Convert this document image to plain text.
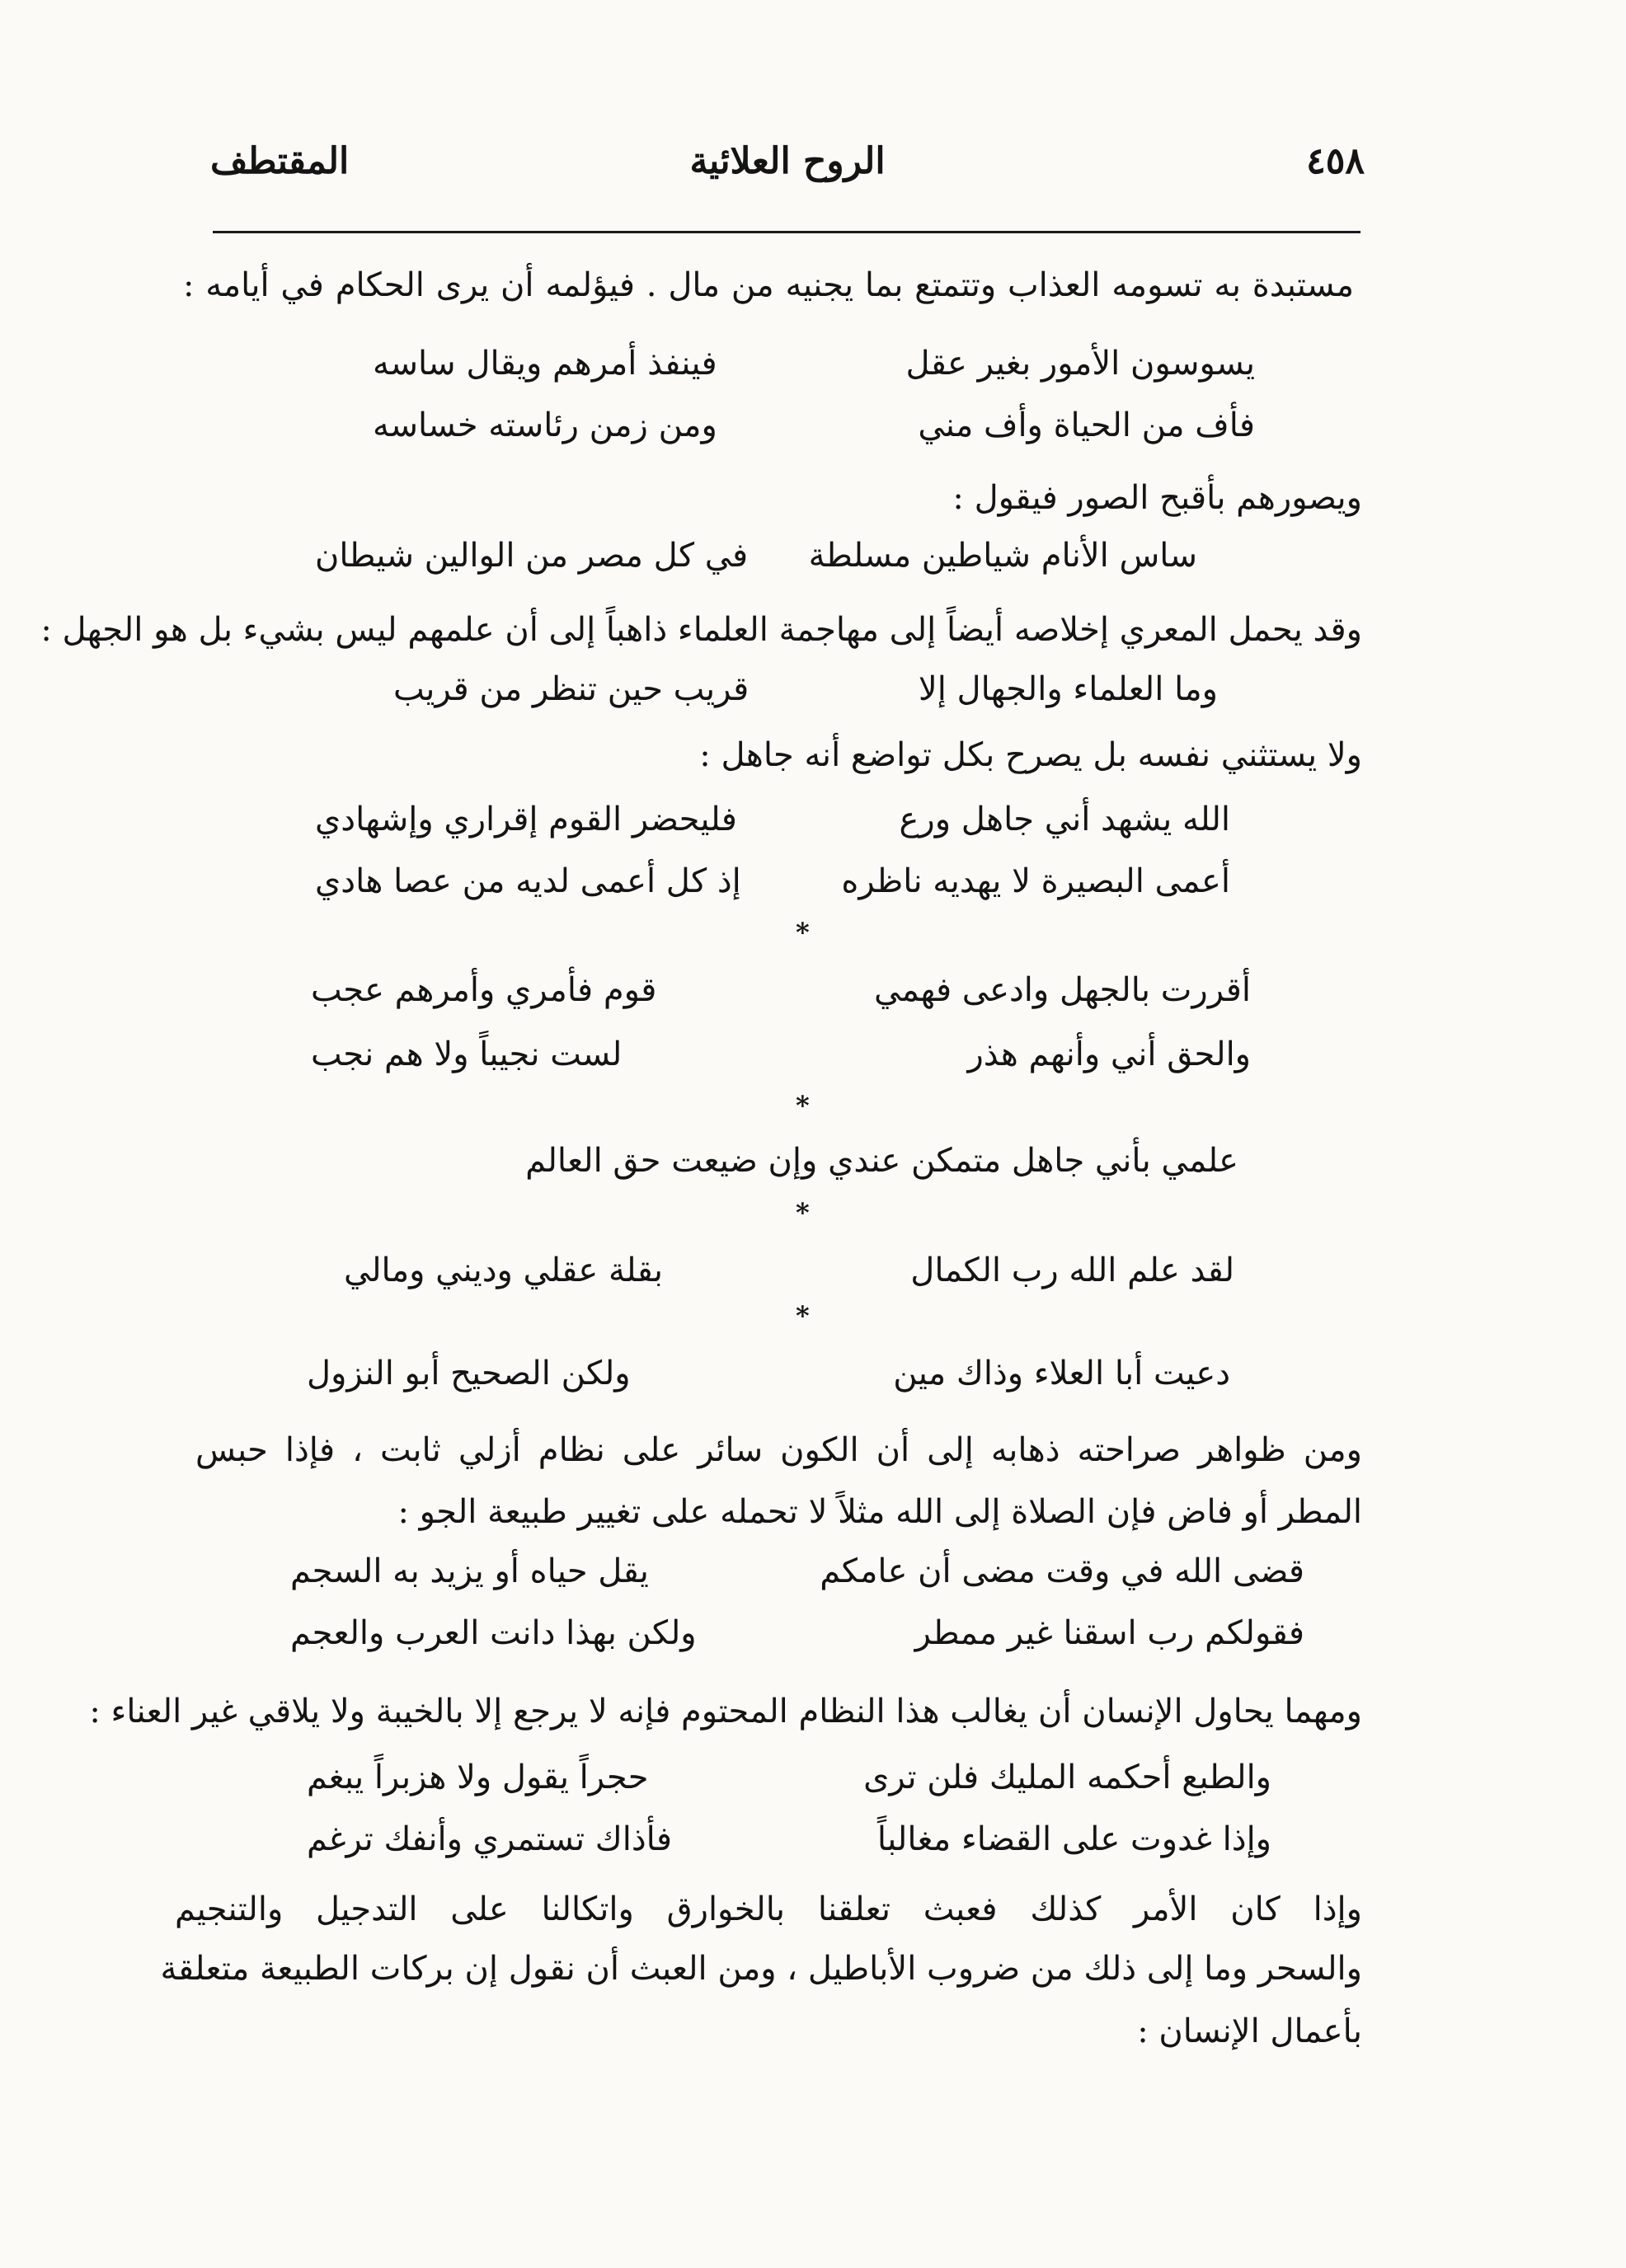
٤٥٨
الروح العلائية
المقتطف
مستبدة به تسومه العذاب وتتمتع بما يجنيه من مال . فيؤلمه أن يرى الحكام في أيامه :
يسوسون الأمور بغير عقل
فينفذ أمرهم ويقال ساسه
فأف من الحياة وأف مني
ومن زمن رئاسته خساسه
ويصورهم بأقبح الصور فيقول :
ساس الأنام شياطين مسلطة
في كل مصر من الوالين شيطان
وقد يحمل المعري إخلاصه أيضاً إلى مهاجمة العلماء ذاهباً إلى أن علمهم ليس بشيء بل هو الجهل :
وما العلماء والجهال إلا
قريب حين تنظر من قريب
ولا يستثني نفسه بل يصرح بكل تواضع أنه جاهل :
الله يشهد أني جاهل ورع
فليحضر القوم إقراري وإشهادي
أعمى البصيرة لا يهديه ناظره
إذ كل أعمى لديه من عصا هادي
*
أقررت بالجهل وادعى فهمي
قوم فأمري وأمرهم عجب
والحق أني وأنهم هذر
لست نجيباً ولا هم نجب
*
علمي بأني جاهل متمكن عندي وإن ضيعت حق العالم
*
لقد علم الله رب الكمال
بقلة عقلي وديني ومالي
*
دعيت أبا العلاء وذاك مين
ولكن الصحيح أبو النزول
ومن ظواهر صراحته ذهابه إلى أن الكون سائر على نظام أزلي ثابت ، فإذا حبس
المطر أو فاض فإن الصلاة إلى الله مثلاً لا تحمله على تغيير طبيعة الجو :
قضى الله في وقت مضى أن عامكم
يقل حياه أو يزيد به السجم
فقولكم رب اسقنا غير ممطر
ولكن بهذا دانت العرب والعجم
ومهما يحاول الإنسان أن يغالب هذا النظام المحتوم فإنه لا يرجع إلا بالخيبة ولا يلاقي غير العناء :
والطبع أحكمه المليك فلن ترى
حجراً يقول ولا هزبراً يبغم
وإذا غدوت على القضاء مغالباً
فأذاك تستمري وأنفك ترغم
وإذا كان الأمر كذلك فعبث تعلقنا بالخوارق واتكالنا على التدجيل والتنجيم
والسحر وما إلى ذلك من ضروب الأباطيل ، ومن العبث أن نقول إن بركات الطبيعة متعلقة
بأعمال الإنسان :
